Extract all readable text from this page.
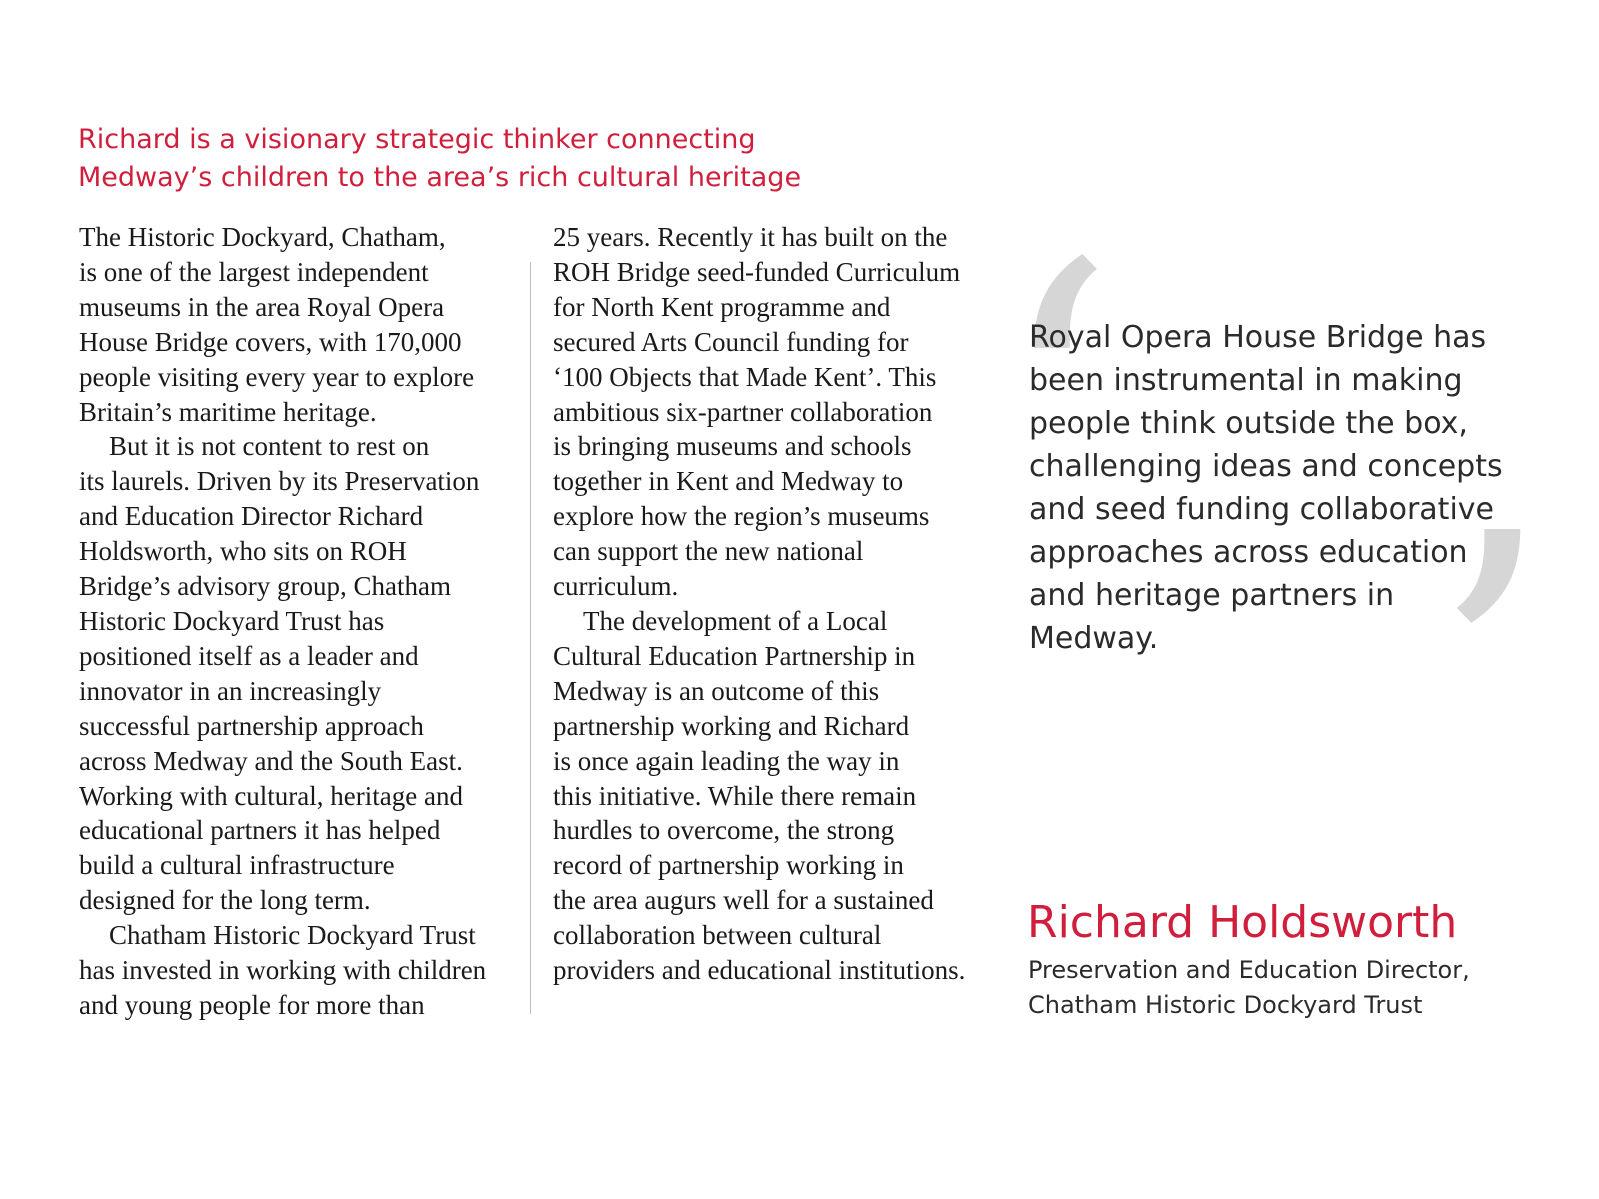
Richard is a visionary strategic thinker connecting
Medway’s children to the area’s rich cultural heritage
The Historic Dockyard, Chatham,
is one of the largest independent
museums in the area Royal Opera
House Bridge covers, with 170,000
people visiting every year to explore
Britain’s maritime heritage.
But it is not content to rest on
its laurels. Driven by its Preservation
and Education Director Richard
Holdsworth, who sits on ROH
Bridge’s advisory group, Chatham
Historic Dockyard Trust has
positioned itself as a leader and
innovator in an increasingly
successful partnership approach
across Medway and the South East.
Working with cultural, heritage and
educational partners it has helped
build a cultural infrastructure
designed for the long term.
Chatham Historic Dockyard Trust
has invested in working with children
and young people for more than
25 years. Recently it has built on the
ROH Bridge seed-funded Curriculum
for North Kent programme and
secured Arts Council funding for
‘100 Objects that Made Kent’. This
ambitious six-partner collaboration
is bringing museums and schools
together in Kent and Medway to
explore how the region’s museums
can support the new national
curriculum.
The development of a Local
Cultural Education Partnership in
Medway is an outcome of this
partnership working and Richard
is once again leading the way in
this initiative. While there remain
hurdles to overcome, the strong
record of partnership working in
the area augurs well for a sustained
collaboration between cultural
providers and educational institutions.
‘
’
Royal Opera House Bridge has
been instrumental in making
people think outside the box,
challenging ideas and concepts
and seed funding collaborative
approaches across education
and heritage partners in
Medway.
Richard Holdsworth
Preservation and Education Director,
Chatham Historic Dockyard Trust
